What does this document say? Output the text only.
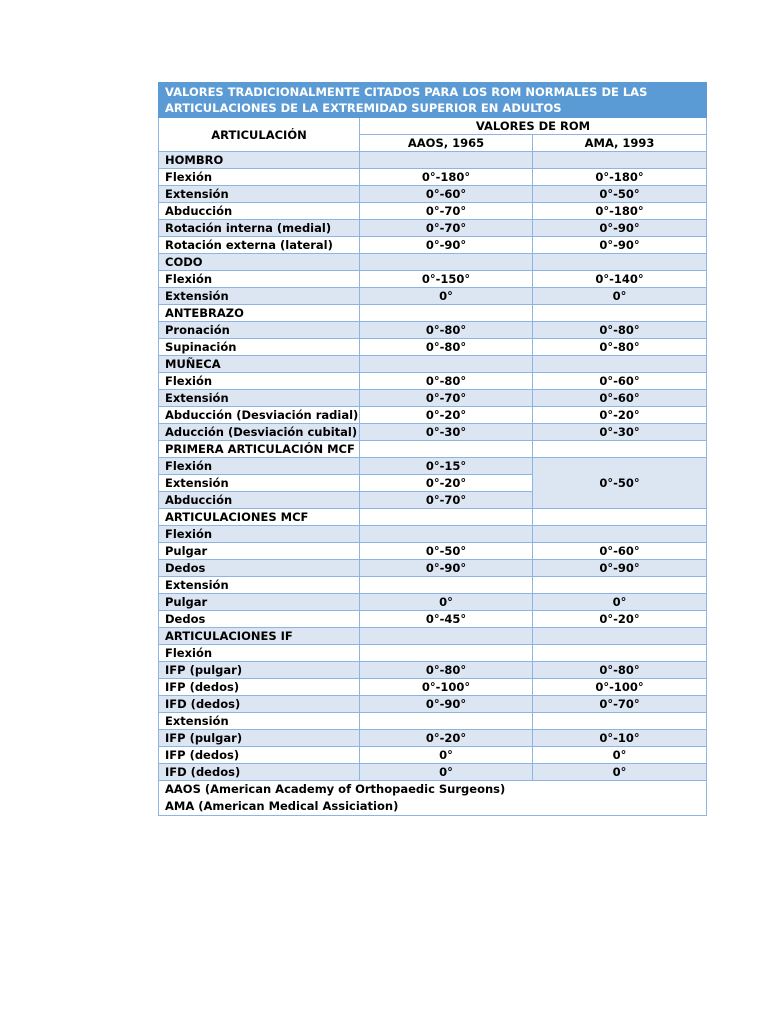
VALORES TRADICIONALMENTE CITADOS PARA LOS ROM NORMALES DE LAS ARTICULACIONES DE LA EXTREMIDAD SUPERIOR EN ADULTOS		
ARTICULACIÓN	VALORES DE ROM	
	AAOS, 1965	AMA, 1993
HOMBRO		
Flexión	0°-180°	0°-180°
Extensión	0°-60°	0°-50°
Abducción	0°-70°	0°-180°
Rotación interna (medial)	0°-70°	0°-90°
Rotación externa (lateral)	0°-90°	0°-90°
CODO		
Flexión	0°-150°	0°-140°
Extensión	0°	0°
ANTEBRAZO		
Pronación	0°-80°	0°-80°
Supinación	0°-80°	0°-80°
MUÑECA		
Flexión	0°-80°	0°-60°
Extensión	0°-70°	0°-60°
Abducción (Desviación radial)	0°-20°	0°-20°
Aducción (Desviación cubital)	0°-30°	0°-30°
PRIMERA ARTICULACIÓN MCF		
Flexión	0°-15°	0°-50°
Extensión	0°-20°	
Abducción	0°-70°	
ARTICULACIONES MCF		
Flexión		
Pulgar	0°-50°	0°-60°
Dedos	0°-90°	0°-90°
Extensión		
Pulgar	0°	0°
Dedos	0°-45°	0°-20°
ARTICULACIONES IF		
Flexión		
IFP (pulgar)	0°-80°	0°-80°
IFP (dedos)	0°-100°	0°-100°
IFD (dedos)	0°-90°	0°-70°
Extensión		
IFP (pulgar)	0°-20°	0°-10°
IFP (dedos)	0°	0°
IFD (dedos)	0°	0°

AAOS (American Academy of Orthopaedic Surgeons)
AMA (American Medical Assiciation)		
